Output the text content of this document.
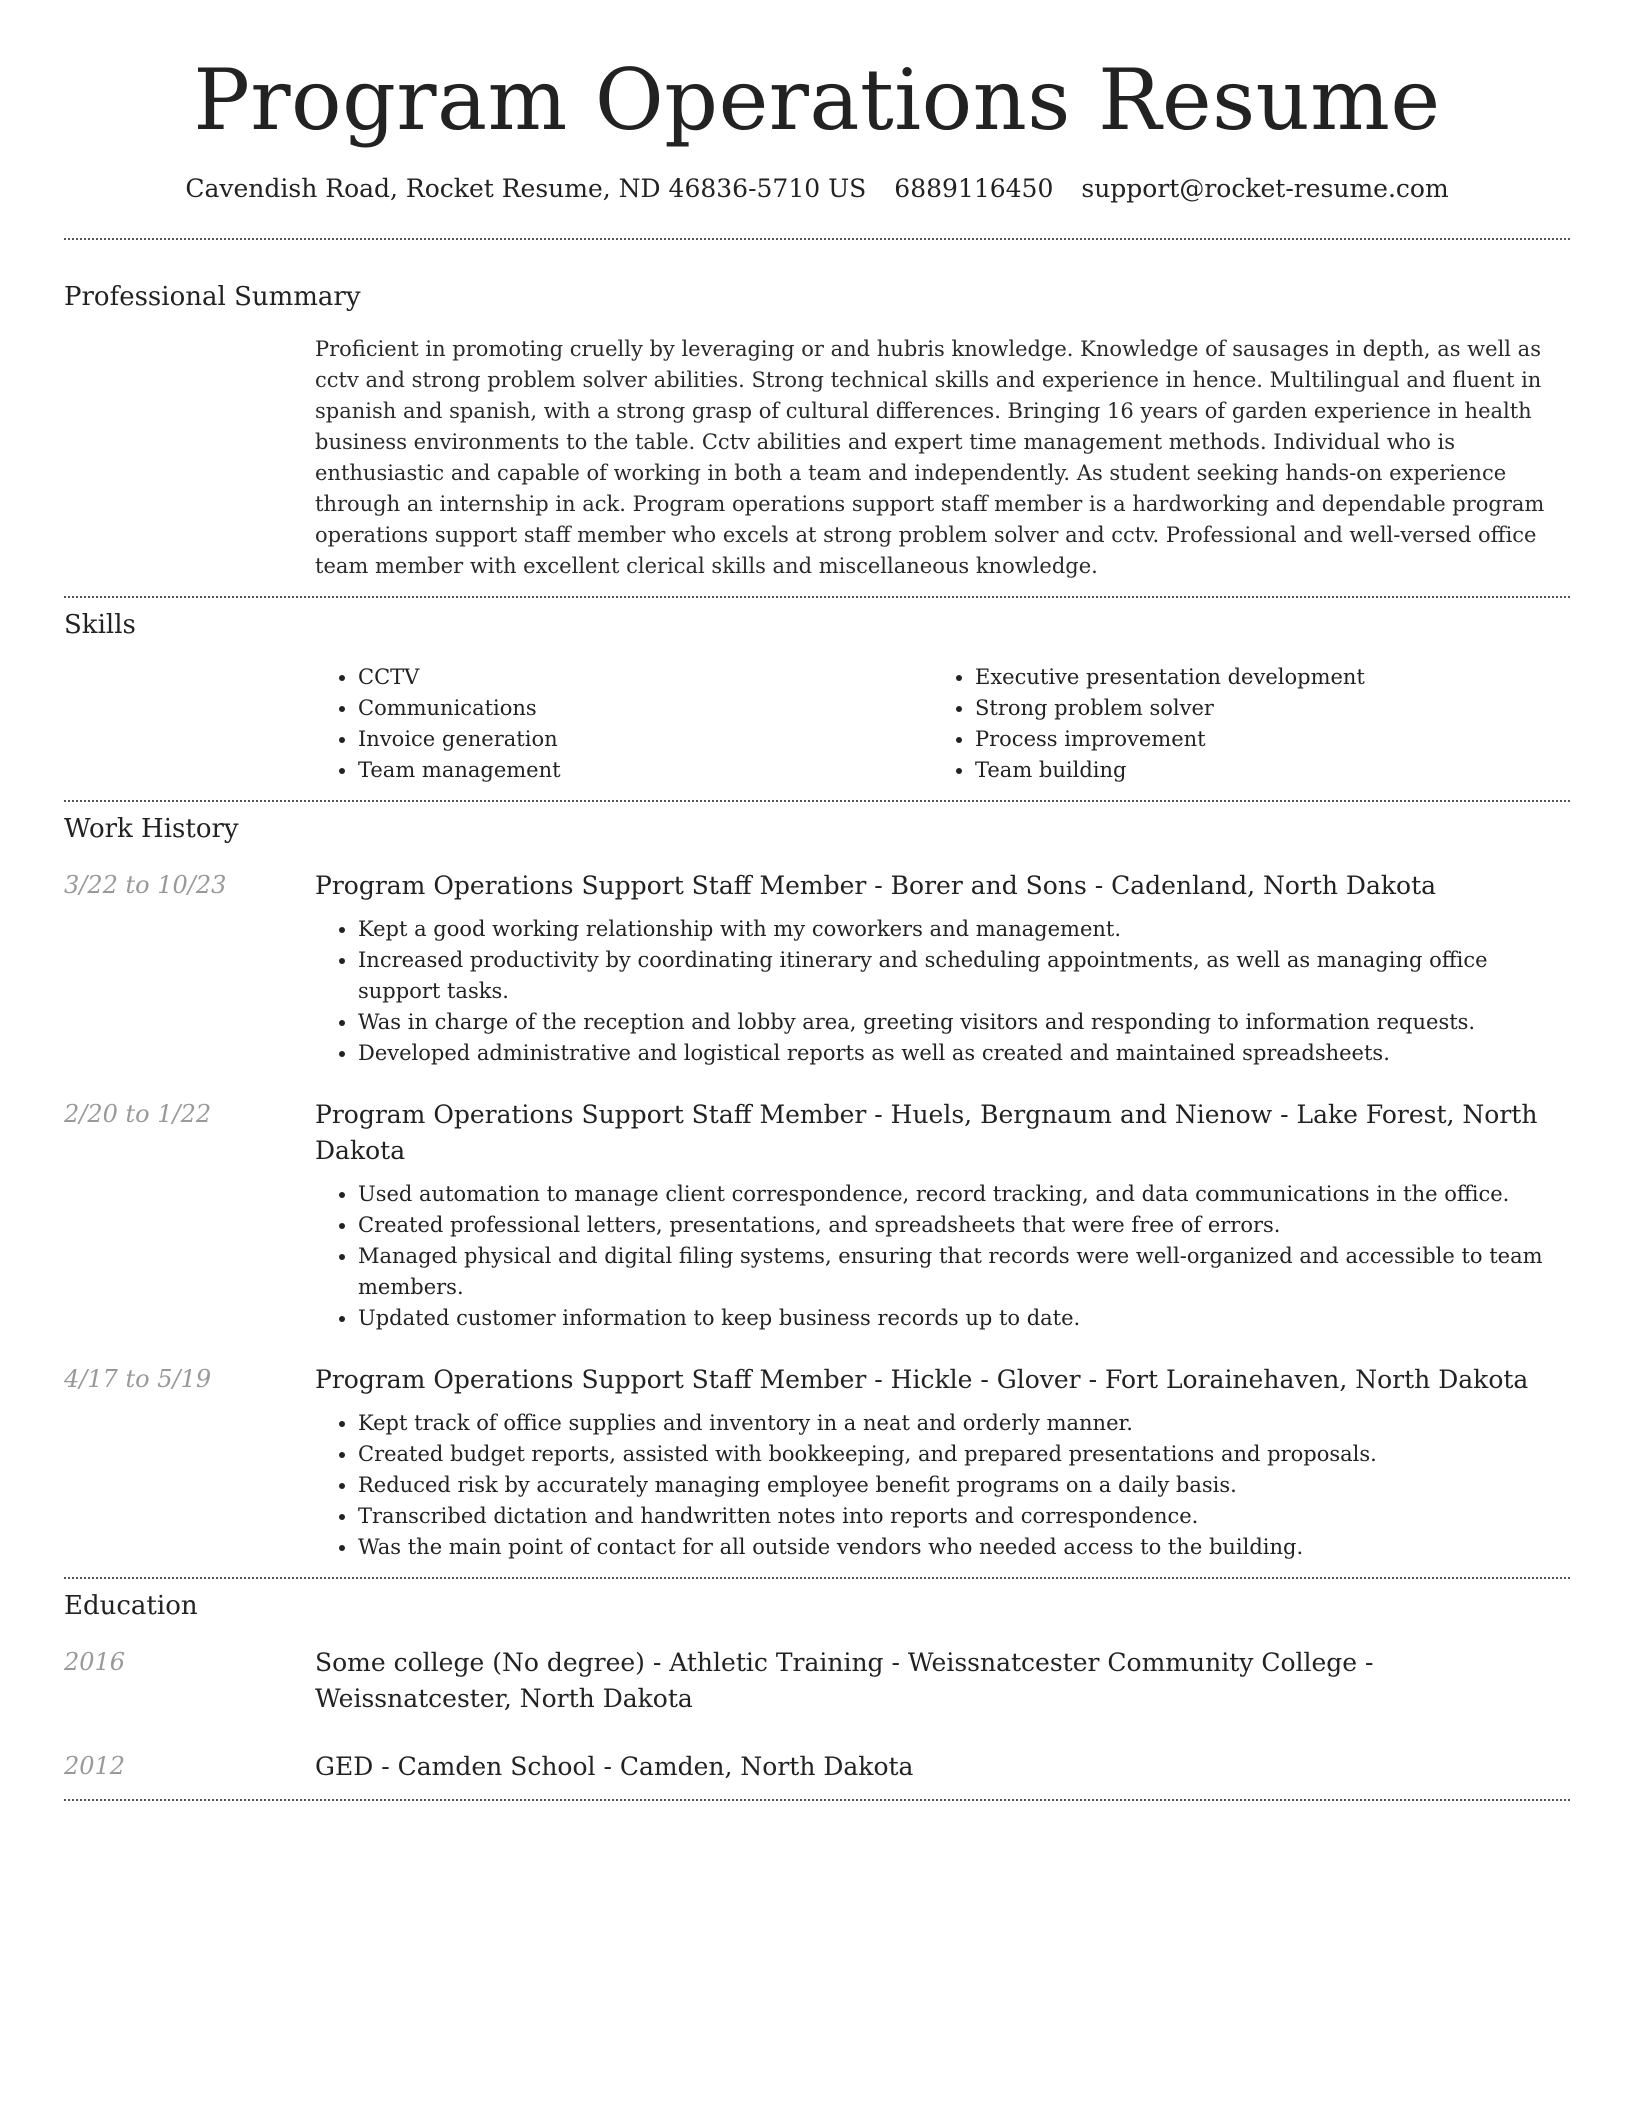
Program Operations Resume
Cavendish Road, Rocket Resume, ND 46836-5710 US 6889116450 support@rocket-resume.com
Professional Summary
Proficient in promoting cruelly by leveraging or and hubris knowledge. Knowledge of sausages in depth, as well as cctv and strong problem solver abilities. Strong technical skills and experience in hence. Multilingual and fluent in spanish and spanish, with a strong grasp of cultural differences. Bringing 16 years of garden experience in health business environments to the table. Cctv abilities and expert time management methods. Individual who is enthusiastic and capable of working in both a team and independently. As student seeking hands-on experience through an internship in ack. Program operations support staff member is a hardworking and dependable program operations support staff member who excels at strong problem solver and cctv. Professional and well-versed office team member with excellent clerical skills and miscellaneous knowledge.
Skills
• CCTV
• Communications
• Invoice generation
• Team management
• Executive presentation development
• Strong problem solver
• Process improvement
• Team building
Work History
3/22 to 10/23	Program Operations Support Staff Member - Borer and Sons - Cadenland, North Dakota
• Kept a good working relationship with my coworkers and management.
• Increased productivity by coordinating itinerary and scheduling appointments, as well as managing office support tasks.
• Was in charge of the reception and lobby area, greeting visitors and responding to information requests.
• Developed administrative and logistical reports as well as created and maintained spreadsheets.
2/20 to 1/22	Program Operations Support Staff Member - Huels, Bergnaum and Nienow - Lake Forest, North Dakota
• Used automation to manage client correspondence, record tracking, and data communications in the office.
• Created professional letters, presentations, and spreadsheets that were free of errors.
• Managed physical and digital filing systems, ensuring that records were well-organized and accessible to team members.
• Updated customer information to keep business records up to date.
4/17 to 5/19	Program Operations Support Staff Member - Hickle - Glover - Fort Lorainehaven, North Dakota
• Kept track of office supplies and inventory in a neat and orderly manner.
• Created budget reports, assisted with bookkeeping, and prepared presentations and proposals.
• Reduced risk by accurately managing employee benefit programs on a daily basis.
• Transcribed dictation and handwritten notes into reports and correspondence.
• Was the main point of contact for all outside vendors who needed access to the building.
Education
2016	Some college (No degree) - Athletic Training - Weissnatcester Community College - Weissnatcester, North Dakota
2012	GED - Camden School - Camden, North Dakota
